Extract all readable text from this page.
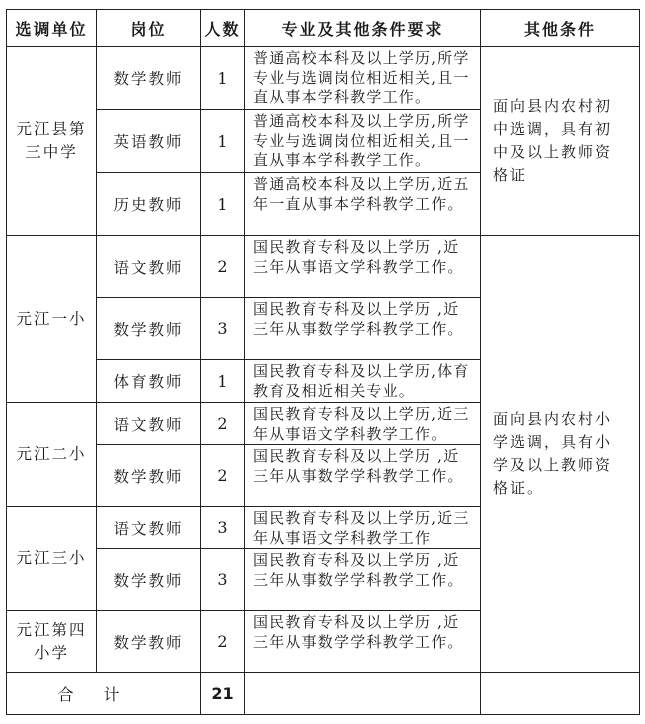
选调单位	岗位	人数	专业及其他条件要求	其他条件	
元江县第三中学	数学教师	1	普通高校本科及以上学历,所学专业与选调岗位相近相关,且一直从事本学科教学工作。	面向县内农村初中选调，具有初中及以上教师资格证	
	英语教师	1	普通高校本科及以上学历,所学专业与选调岗位相近相关,且一直从事本学科教学工作。		

	历史教师	1	普通高校本科及以上学历,近五年一直从事本学科教学工作。		

元江一小	语文教师	2	国民教育专科及以上学历 ,近三年从事语文学科教学工作。	面向县内农村小学选调，具有小学及以上教师资格证。	
	数学教师	3	国民教育专科及以上学历 ,近三年从事数学学科教学工作。		

	体育教师	1	国民教育专科及以上学历,体育教育及相近相关专业。		

元江二小	语文教师	2	国民教育专科及以上学历,近三年从事语文学科教学工作。		

	数学教师	2	国民教育专科及以上学历 ,近三年从事数学学科教学工作。		

元江三小	语文教师	3	国民教育专科及以上学历,近三年从事语文学科教学工作		

	数学教师	3	国民教育专科及以上学历 ,近三年从事数学学科教学工作。		

元江第四小学	数学教师	2	国民教育专科及以上学历 ,近三年从事数学学科教学工作。		

合计		21			
